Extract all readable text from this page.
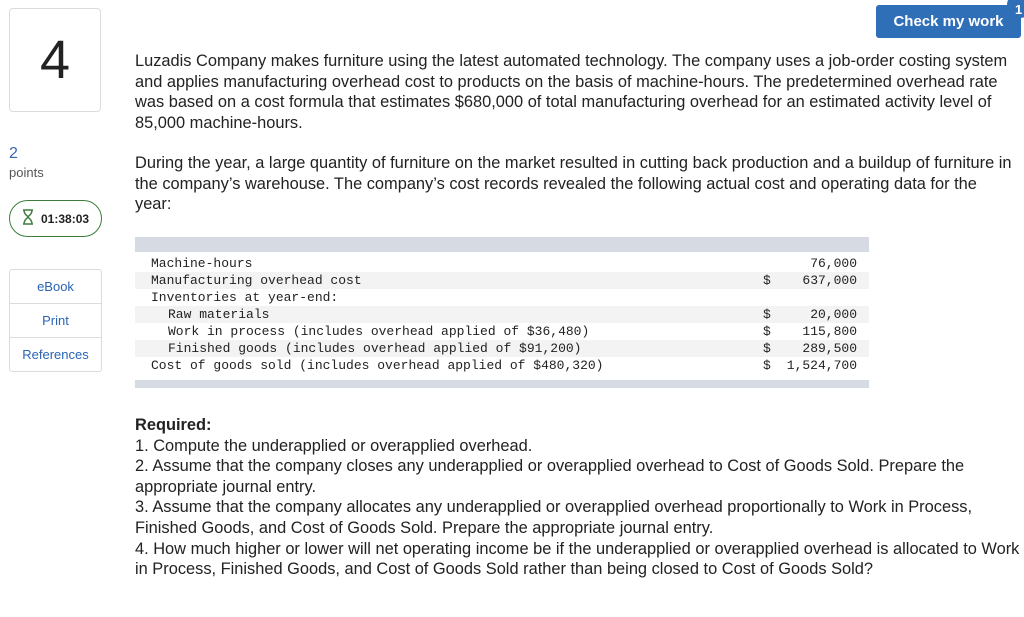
4
2
points
01:38:03
eBook
Print
References
Check my work
1

Luzadis Company makes furniture using the latest automated technology. The company uses a job-order costing system and applies manufacturing overhead cost to products on the basis of machine-hours. The predetermined overhead rate was based on a cost formula that estimates $680,000 of total manufacturing overhead for an estimated activity level of 85,000 machine-hours.

During the year, a large quantity of furniture on the market resulted in cutting back production and a buildup of furniture in the company’s warehouse. The company’s cost records revealed the following actual cost and operating data for the year:

Machine-hours	76,000
Manufacturing overhead cost	$ 637,000
Inventories at year-end:
Raw materials	$	20,000
Work in process (includes overhead applied of $36,480)	$ 115,800
Finished goods (includes overhead applied of $91,200)	$ 289,500
Cost of goods sold (includes overhead applied of $480,320)	$ 1,524,700

Required:

1. Compute the underapplied or overapplied overhead.

2. Assume that the company closes any underapplied or overapplied overhead to Cost of Goods Sold. Prepare the appropriate journal entry.

3. Assume that the company allocates any underapplied or overapplied overhead proportionally to Work in Process, Finished Goods, and Cost of Goods Sold. Prepare the appropriate journal entry.

4. How much higher or lower will net operating income be if the underapplied or overapplied overhead is allocated to Work in Process, Finished Goods, and Cost of Goods Sold rather than being closed to Cost of Goods Sold?
